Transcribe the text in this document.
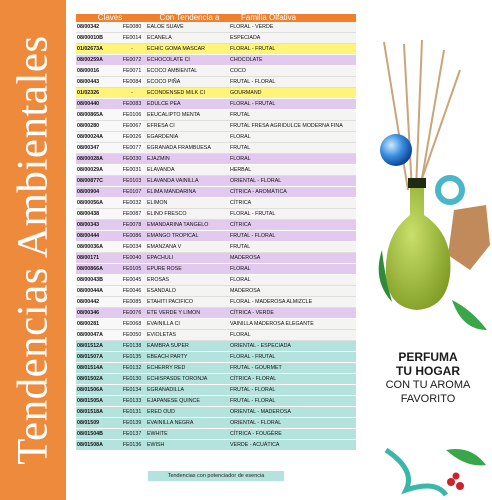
Tendencias Ambientales
Claves	Con Tendencia a	Familia Olfativa
08/00342	FE0080	EALOE SUAVE	FLORAL - VERDE
08/00010B	FE0014	ECANELA	ESPECIADA
01/02673A	-	ECHIC GOMA MASCAR	FLORAL - FRUTAL
08/00259A	FE0072	ECHOCOLATE CI	CHOCOLATE
08/00016	FE0071	ECOCO AMBIENTAL	COCO
08/00443	FE0084	ECOCO PIÑA	FRUTAL - FLORAL
01/02326	-	ECONDENSED MILK CI	GOURMAND
08/00440	FE0083	EDULCE PEA	FLORAL - FRUTAL
08/00865A	FE0106	EEUCALIPTO MENTA	FRUTAL
08/00280	FE0067	EFRESA CI	FRUTAL FRESA AGRIDULCE MODERNA FINA
08/00024A	FE0026	EGARDENIA	FLORAL
08/00347	FE0077	EGRANADA FRAMBUESA	FRUTAL
08/00028A	FE0030	EJAZMIN	FLORAL
08/00029A	FE0031	ELAVANDA	HERBAL
08/00877C	FE0103	ELAVANDA VAINILLA	ORIENTAL - FLORAL
08/00904	FE0107	ELIMA MANDARINA	CÍTRICA - AROMÁTICA
08/00056A	FE0032	ELIMON	CÍTRICA
08/00438	FE0087	ELINO FRESCO	FLORAL - FRUTAL
08/00343	FE0078	EMANDARINA TANGELO	CÍTRICA
08/00444	FE0086	EMANGO TROPICAL	FRUTAL - FLORAL
08/00036A	FE0034	EMANZANA V	FRUTAL
08/00171	FE0040	EPACHULI	MADEROSA
08/00866A	FE0105	EPURE ROSE	FLORAL
08/00043B	FE0045	EROSAS	FLORAL
08/00044A	FE0046	ESANDALO	MADEROSA
08/00442	FE0085	ETAHITI PACIFICO	FLORAL - MADEROSA ALMIZCLE
08/00346	FE0076	ETE VERDE Y LIMON	CÍTRICA - VERDE
08/00281	FE0068	EVAINILLA CI	VAINILLA MADEROSA ELEGANTE
08/00047A	FE0050	EVIOLETAS	FLORAL
08/01512A	FE0138	EAMBRA SUPER	ORIENTAL - ESPECIADA
08/01507A	FE0135	EBEACH PARTY	FLORAL - FRUTAL
08/01514A	FE0132	ECHERRY RED	FRUTAL - GOURMET
08/01502A	FE0130	ECHISPASDE TORONJA	CÍTRICA - FLORAL
08/01506A	FE0134	EGRANADILLA	FRUTAL - FLORAL
08/01505A	FE0133	EJAPANESE QUINCE	FRUTAL - FLORAL
08/01518A	FE0131	ERED OUD	ORIENTAL - MADEROSA
08/01509	FE0139	EVAINILLA NEGRA	ORIENTAL - FLORAL
08/01504B	FE0137	EWHITE	CÍTRICA - FOUGÈRE
08/01508A	FE0136	EWISH	VERDE - ACUÁTICA
Tendencias con potenciador de esencia
PERFUMA
TU HOGAR
CON TU AROMA
FAVORITO
